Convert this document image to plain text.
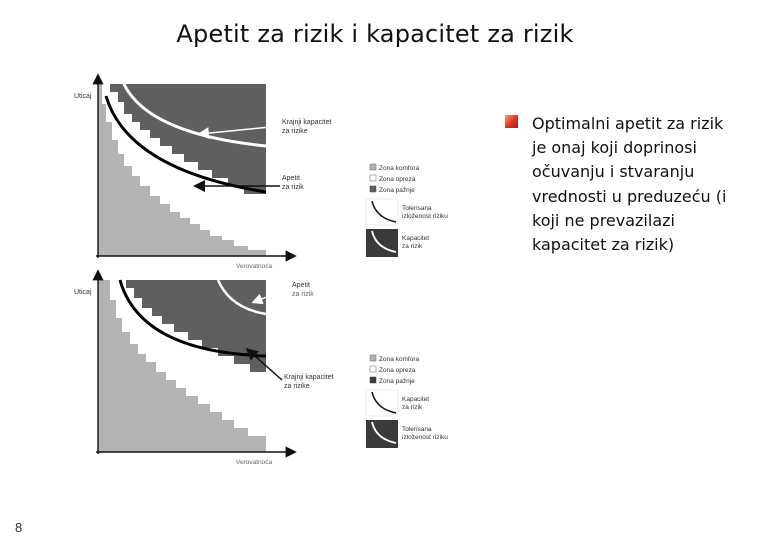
Apetit za rizik i kapacitet za rizik
Uticaj
Verovatnoća
Krajnji kapacitet
za rizike
Apetit
za rizik
Zona komfora
Zona oprеza
Zona pažnje
Tolerisana
izloženost riziku
Kapacitet
za rizik
Uticaj
Verovatnoća
Apetit
za rizik
Krajnji kapacitet
za rizike
Zona komfora
Zona opreza
Zona pažnje
Kapacitet
za rizik
Tolerisana
izloženost riziku
Optimalni apetit za rizik je onaj koji doprinosi očuvanju i stvaranju vrednosti u preduzeću (i koji ne prevazilazi kapacitet za rizik)
8
